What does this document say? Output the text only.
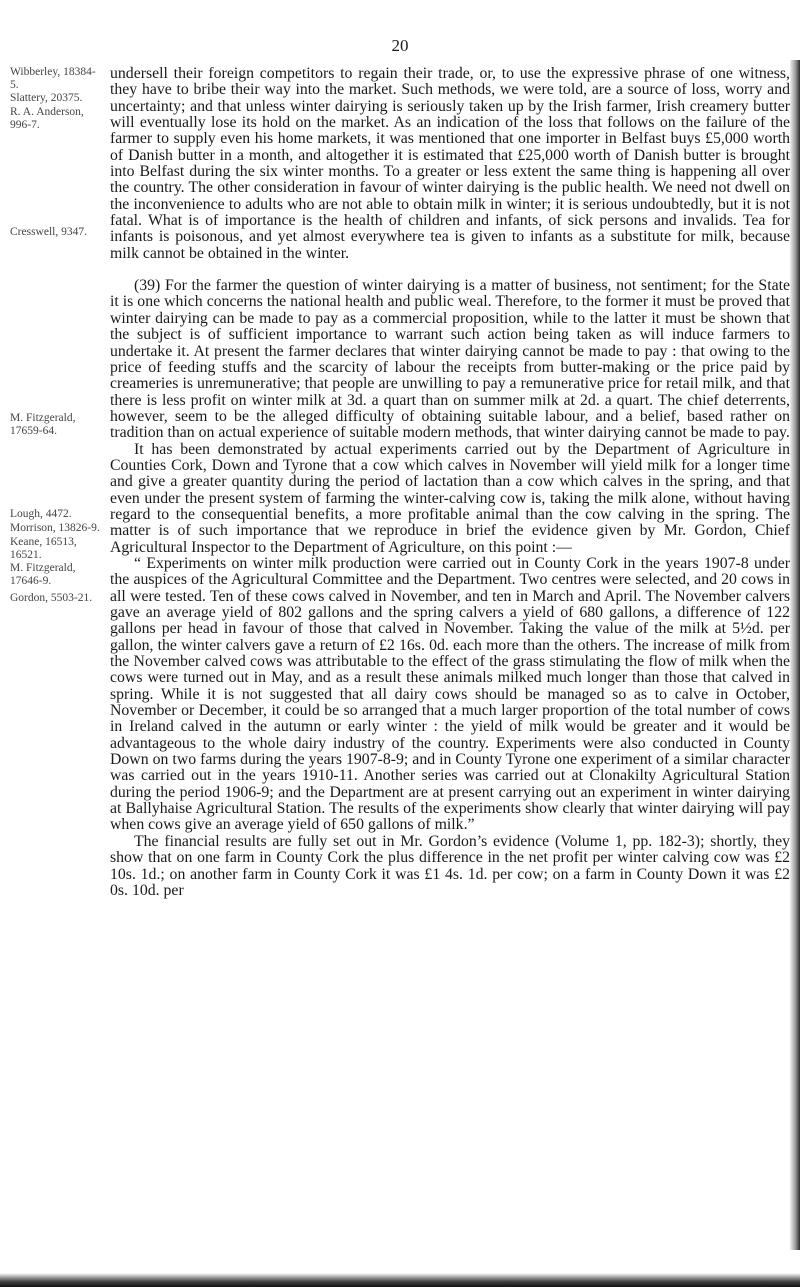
20
Wibberley, 18384-5.
Slattery, 20375.
R. A. Anderson, 996-7.
Cresswell, 9347.
M. Fitzgerald, 17659-64.
Lough, 4472.
Morrison, 13826-9.
Keane, 16513, 16521.
M. Fitzgerald, 17646-9.
Gordon, 5503-21.

undersell their foreign competitors to regain their trade, or, to use the expressive phrase of one witness, they have to bribe their way into the market. Such methods, we were told, are a source of loss, worry and uncertainty; and that unless winter dairying is seriously taken up by the Irish farmer, Irish creamery butter will eventually lose its hold on the market. As an indication of the loss that follows on the failure of the farmer to supply even his home markets, it was mentioned that one importer in Belfast buys £5,000 worth of Danish butter in a month, and altogether it is estimated that £25,000 worth of Danish butter is brought into Belfast during the six winter months. To a greater or less extent the same thing is happening all over the country. The other consideration in favour of winter dairying is the public health. We need not dwell on the inconvenience to adults who are not able to obtain milk in winter; it is serious undoubtedly, but it is not fatal. What is of importance is the health of children and infants, of sick persons and invalids. Tea for infants is poisonous, and yet almost everywhere tea is given to infants as a substitute for milk, because milk cannot be obtained in the winter.

(39) For the farmer the question of winter dairying is a matter of business, not sentiment; for the State it is one which concerns the national health and public weal. Therefore, to the former it must be proved that winter dairying can be made to pay as a commercial proposition, while to the latter it must be shown that the subject is of sufficient importance to warrant such action being taken as will induce farmers to undertake it. At present the farmer declares that winter dairying cannot be made to pay : that owing to the price of feeding stuffs and the scarcity of labour the receipts from butter-making or the price paid by creameries is unremunerative; that people are unwilling to pay a remunerative price for retail milk, and that there is less profit on winter milk at 3d. a quart than on summer milk at 2d. a quart. The chief deterrents, however, seem to be the alleged difficulty of obtaining suitable labour, and a belief, based rather on tradition than on actual experience of suitable modern methods, that winter dairying cannot be made to pay.

It has been demonstrated by actual experiments carried out by the Department of Agriculture in Counties Cork, Down and Tyrone that a cow which calves in November will yield milk for a longer time and give a greater quantity during the period of lactation than a cow which calves in the spring, and that even under the present system of farming the winter-calving cow is, taking the milk alone, without having regard to the consequential benefits, a more profitable animal than the cow calving in the spring. The matter is of such importance that we reproduce in brief the evidence given by Mr. Gordon, Chief Agricultural Inspector to the Department of Agriculture, on this point :—

“ Experiments on winter milk production were carried out in County Cork in the years 1907-8 under the auspices of the Agricultural Committee and the Department. Two centres were selected, and 20 cows in all were tested. Ten of these cows calved in November, and ten in March and April. The November calvers gave an average yield of 802 gallons and the spring calvers a yield of 680 gallons, a difference of 122 gallons per head in favour of those that calved in November. Taking the value of the milk at 5½d. per gallon, the winter calvers gave a return of £2 16s. 0d. each more than the others. The increase of milk from the November calved cows was attributable to the effect of the grass stimulating the flow of milk when the cows were turned out in May, and as a result these animals milked much longer than those that calved in spring. While it is not suggested that all dairy cows should be managed so as to calve in October, November or December, it could be so arranged that a much larger proportion of the total number of cows in Ireland calved in the autumn or early winter : the yield of milk would be greater and it would be advantageous to the whole dairy industry of the country. Experiments were also conducted in County Down on two farms during the years 1907-8-9; and in County Tyrone one experiment of a similar character was carried out in the years 1910-11. Another series was carried out at Clonakilty Agricultural Station during the period 1906-9; and the Department are at present carrying out an experiment in winter dairying at Ballyhaise Agricultural Station. The results of the experiments show clearly that winter dairying will pay when cows give an average yield of 650 gallons of milk.”

The financial results are fully set out in Mr. Gordon’s evidence (Volume 1, pp. 182-3); shortly, they show that on one farm in County Cork the plus difference in the net profit per winter calving cow was £2 10s. 1d.; on another farm in County Cork it was £1 4s. 1d. per cow; on a farm in County Down it was £2 0s. 10d. per
